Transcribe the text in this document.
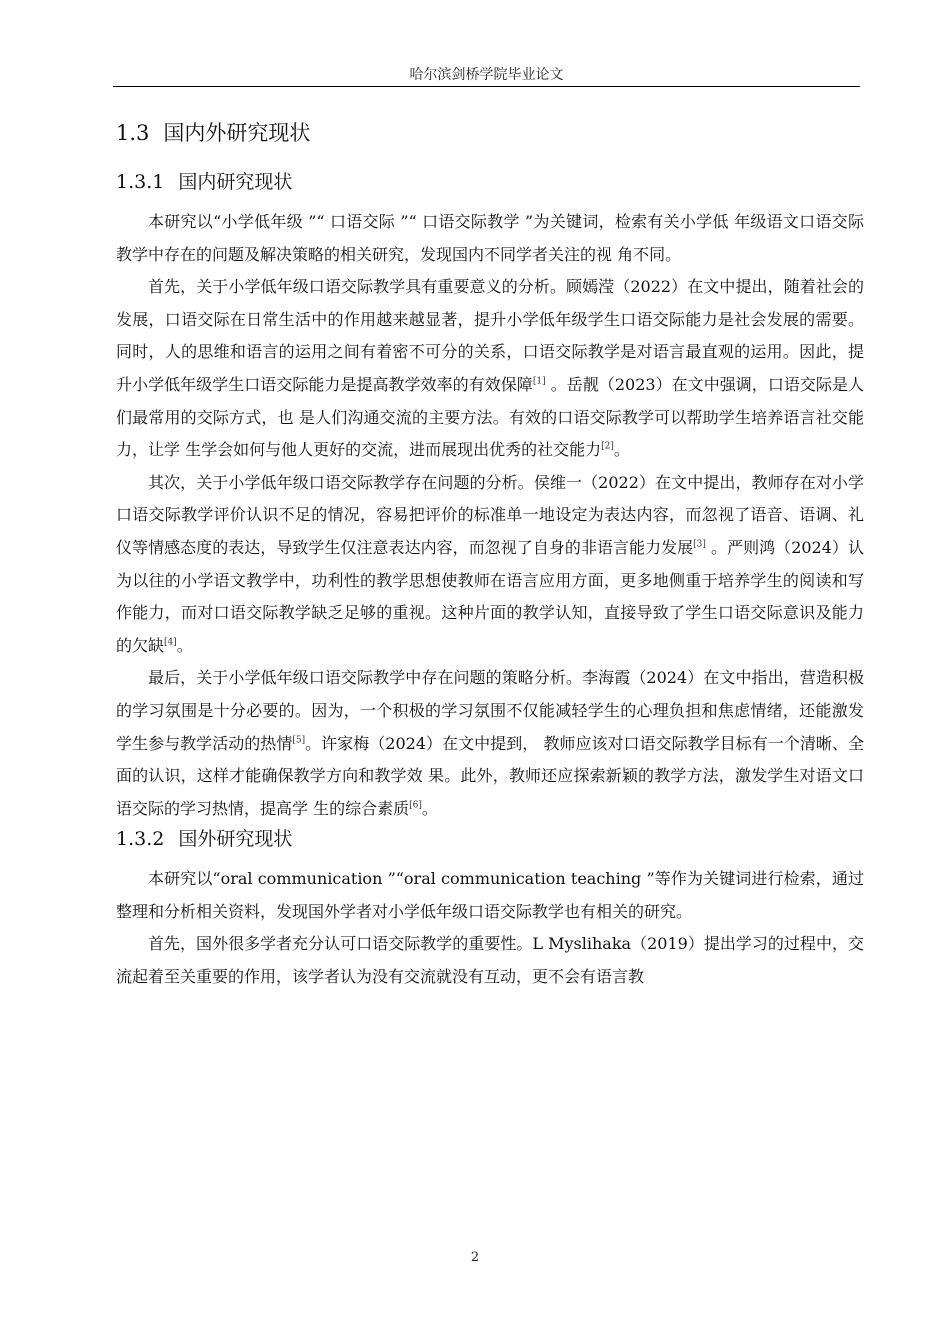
哈尔滨剑桥学院毕业论文
1.3 国内外研究现状
1.3.1 国内研究现状

本研究以“小学低年级 ”“ 口语交际 ”“ 口语交际教学 ”为关键词，检索有关小学低 年级语文口语交际教学中存在的问题及解决策略的相关研究，发现国内不同学者关注的视 角不同。

首先，关于小学低年级口语交际教学具有重要意义的分析。顾嫣滢（2022）在文中提出，随着社会的发展，口语交际在日常生活中的作用越来越显著，提升小学低年级学生口语交际能力是社会发展的需要。同时，人的思维和语言的运用之间有着密不可分的关系，口语交际教学是对语言最直观的运用。因此，提升小学低年级学生口语交际能力是提高教学效率的有效保障[1] 。岳靓（2023）在文中强调，口语交际是人们最常用的交际方式，也 是人们沟通交流的主要方法。有效的口语交际教学可以帮助学生培养语言社交能力，让学 生学会如何与他人更好的交流，进而展现出优秀的社交能力[2]。

其次，关于小学低年级口语交际教学存在问题的分析。侯维一（2022）在文中提出，教师存在对小学口语交际教学评价认识不足的情况，容易把评价的标准单一地设定为表达内容，而忽视了语音、语调、礼仪等情感态度的表达，导致学生仅注意表达内容，而忽视了自身的非语言能力发展[3] 。严则鸿（2024）认为以往的小学语文教学中，功利性的教学思想使教师在语言应用方面，更多地侧重于培养学生的阅读和写作能力，而对口语交际教学缺乏足够的重视。这种片面的教学认知，直接导致了学生口语交际意识及能力的欠缺[4]。

最后，关于小学低年级口语交际教学中存在问题的策略分析。李海霞（2024）在文中指出，营造积极的学习氛围是十分必要的。因为，一个积极的学习氛围不仅能减轻学生的心理负担和焦虑情绪，还能激发学生参与教学活动的热情[5]。许家梅（2024）在文中提到， 教师应该对口语交际教学目标有一个清晰、全面的认识，这样才能确保教学方向和教学效 果。此外，教师还应探索新颖的教学方法，激发学生对语文口语交际的学习热情，提高学 生的综合素质[6]。

1.3.2 国外研究现状

本研究以“oral communication ”“oral communication teaching ”等作为关键词进行检索，通过整理和分析相关资料，发现国外学者对小学低年级口语交际教学也有相关的研究。

首先，国外很多学者充分认可口语交际教学的重要性。L Myslihaka（2019）提出学习的过程中，交流起着至关重要的作用，该学者认为没有交流就没有互动，更不会有语言教

2
